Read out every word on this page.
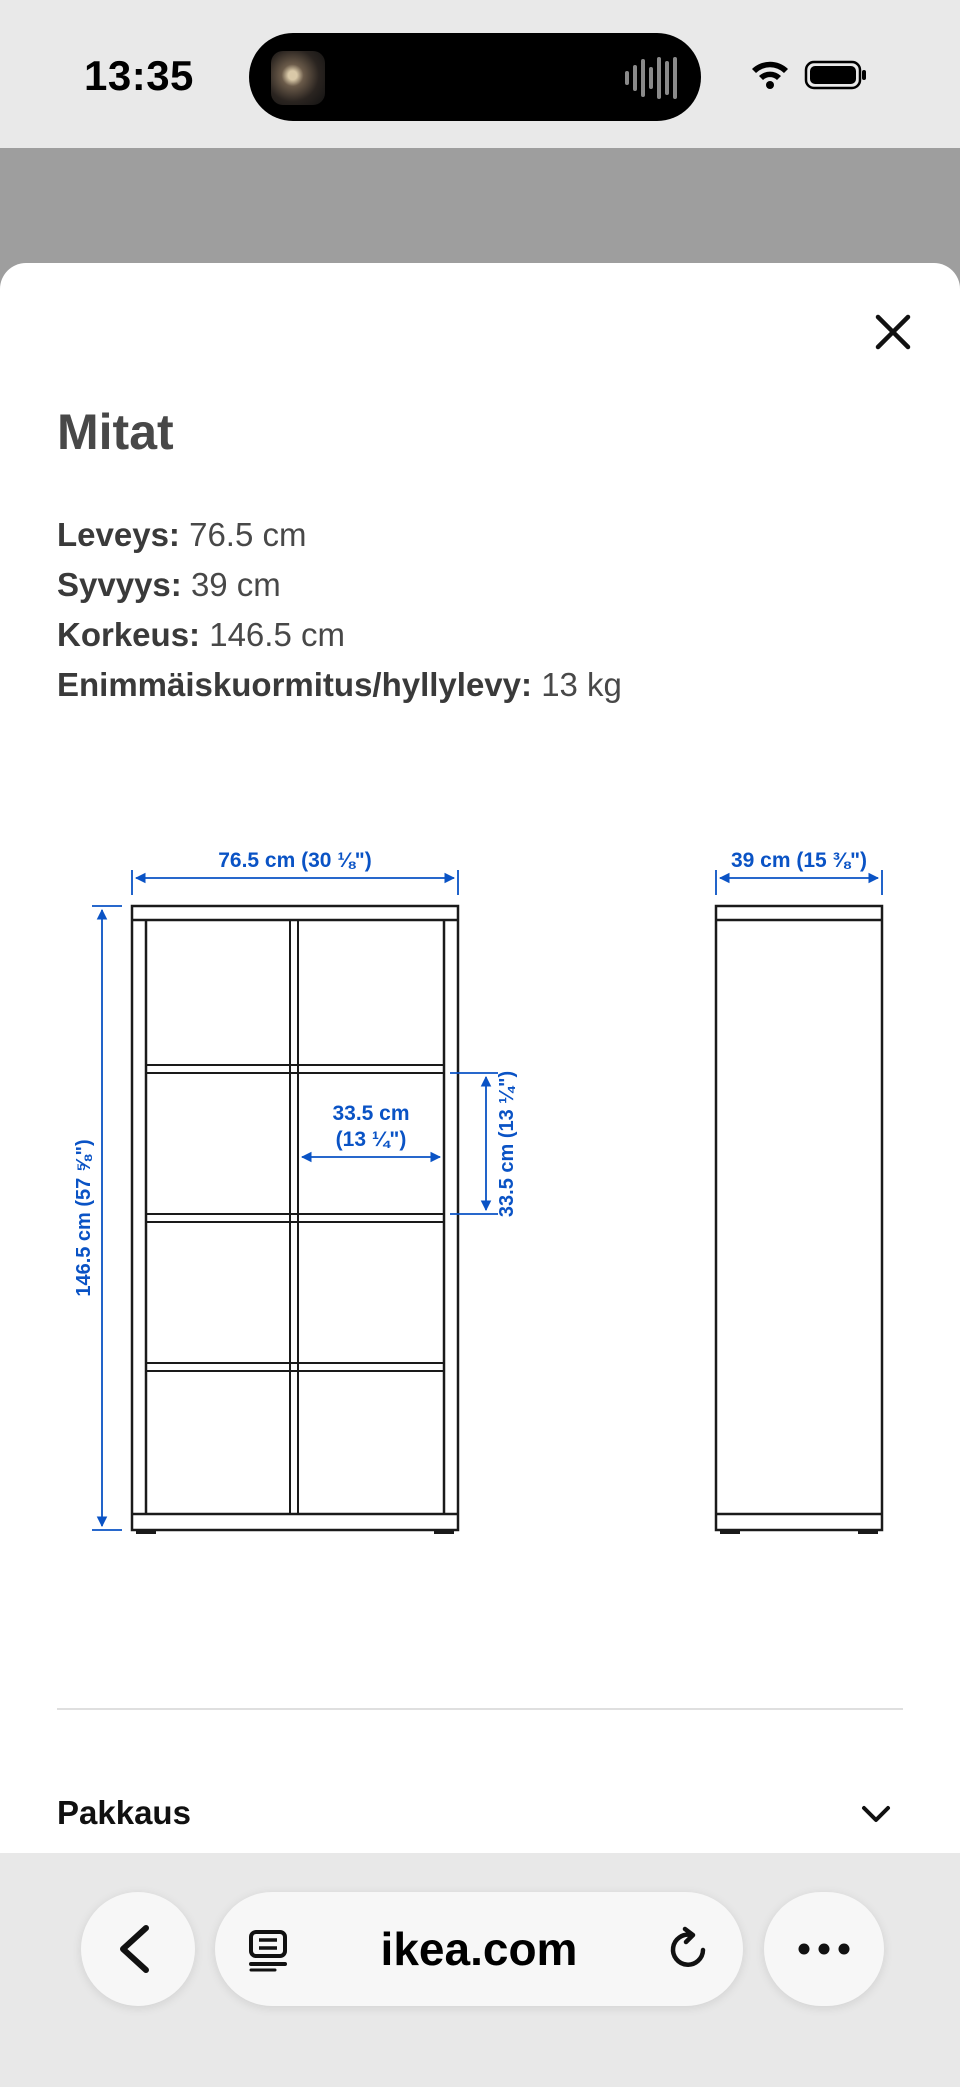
13:35
Mitat
Leveys: 76.5 cm
Syvyys: 39 cm
Korkeus: 146.5 cm
Enimmäiskuormitus/hyllylevy: 13 kg
76.5 cm (30 ⅛")
146.5 cm (57 ⅝")
33.5 cm
(13 ¼")	33.5 cm (13 ¼")
39 cm (15 ⅜")
Pakkaus
ikea.com
